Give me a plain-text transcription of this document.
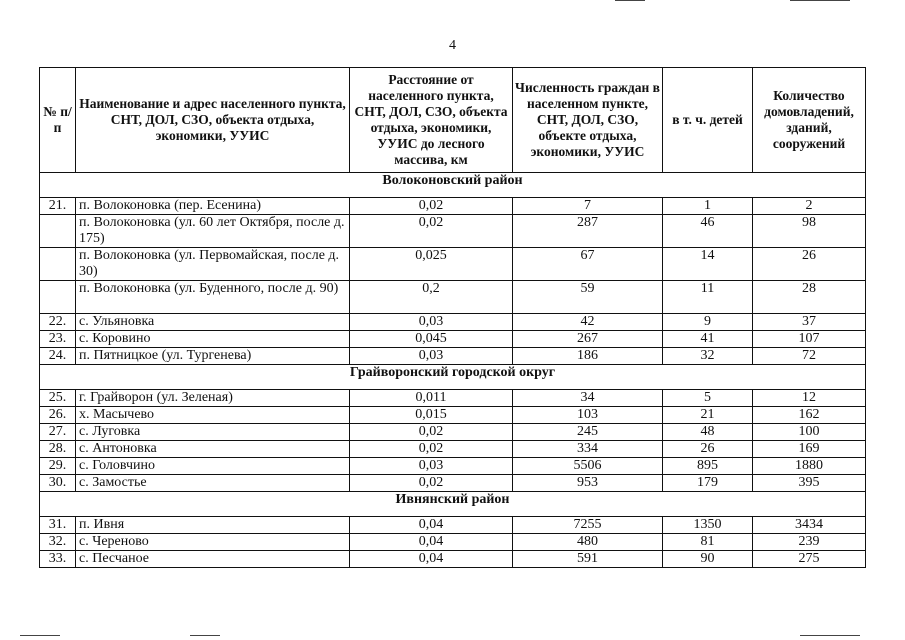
4
№ п/п	Наименование и адрес населенного пункта, СНТ, ДОЛ, СЗО, объекта отдыха, экономики, УУИС	Расстояние от населенного пункта, СНТ, ДОЛ, СЗО, объекта отдыха, экономики, УУИС до лесного массива, км	Численность граждан в населенном пункте, СНТ, ДОЛ, СЗО, объекте отдыха, экономики, УУИС	в т. ч. детей	Количество домовладений, зданий, сооружений
Волоконовский район					
21.	п. Волоконовка (пер. Есенина)	0,02	7	1	2
	п. Волоконовка (ул. 60 лет Октября, после д. 175)	0,02	287	46	98
	п. Волоконовка (ул. Первомайская, после д. 30)	0,025	67	14	26
	п. Волоконовка (ул. Буденного, после д. 90)	0,2	59	11	28
22.	с. Ульяновка	0,03	42	9	37
23.	с. Коровино	0,045	267	41	107
24.	п. Пятницкое (ул. Тургенева)	0,03	186	32	72
Грайворонский городской округ					
25.	г. Грайворон (ул. Зеленая)	0,011	34	5	12
26.	х. Масычево	0,015	103	21	162
27.	с. Луговка	0,02	245	48	100
28.	с. Антоновка	0,02	334	26	169
29.	с. Головчино	0,03	5506	895	1880
30.	с. Замостье	0,02	953	179	395
Ивнянский район					
31.	п. Ивня	0,04	7255	1350	3434
32.	с. Череново	0,04	480	81	239
33.	с. Песчаное	0,04	591	90	275
